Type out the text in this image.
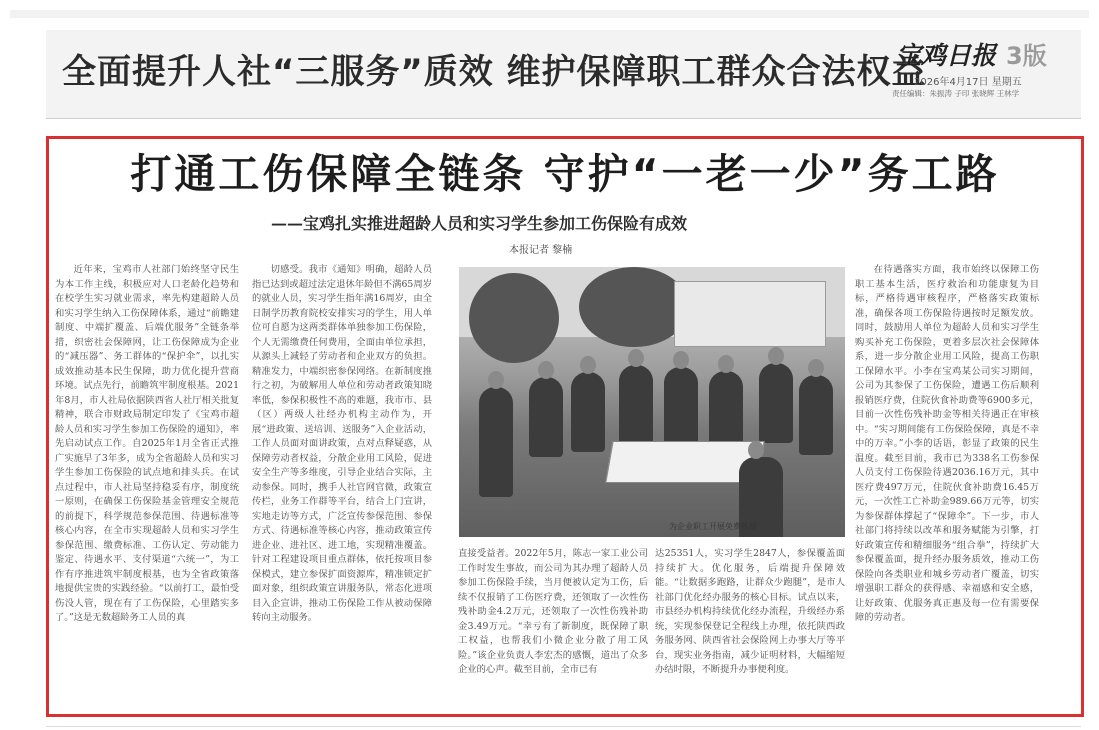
全面提升人社“三服务”质效 维护保障职工群众合法权益
宝鸡日报 3版
2026年4月17日 星期五
责任编辑：朱振涛 子印 张晓辉 王林学
打通工伤保障全链条 守护“一老一少”务工路
——宝鸡扎实推进超龄人员和实习学生参加工伤保险有成效
本报记者 黎楠

近年来，宝鸡市人社部门始终坚守民生为本工作主线，积极应对人口老龄化趋势和在校学生实习就业需求，率先构建超龄人员和实习学生纳入工伤保障体系，通过“前瞻建制度、中端扩覆盖、后端优服务”全链条举措，织密社会保障网，让工伤保障成为企业的“减压器”、务工群体的“保护伞”，以扎实成效推动基本民生保障，助力优化提升营商环境。试点先行，前瞻筑牢制度根基。2021年8月，市人社局依据陕西省人社厅相关批复精神，联合市财政局制定印发了《宝鸡市超龄人员和实习学生参加工伤保险的通知》，率先启动试点工作。自2025年1月全省正式推广实施早了3年多，成为全省超龄人员和实习学生参加工伤保险的试点地和排头兵。在试点过程中，市人社局坚持稳妥有序，制度统一原则，在确保工伤保险基金管理安全规范的前提下，科学规范参保范围、待遇标准等核心内容，在全市实现超龄人员和实习学生参保范围、缴费标准、工伤认定、劳动能力鉴定、待遇水平、支付渠道“六统一”，为工作有序推进筑牢制度根基，也为全省政策落地提供宝贵的实践经验。“以前打工，最怕受伤没人管，现在有了工伤保险，心里踏实多了。”这是无数超龄务工人员的真

切感受。我市《通知》明确，超龄人员指已达到或超过法定退休年龄但不满65周岁的就业人员，实习学生指年满16周岁，由全日制学历教育院校安排实习的学生，用人单位可自愿为这两类群体单独参加工伤保险，个人无需缴费任何费用，全面由单位承担，从源头上减轻了劳动者和企业双方的负担。精准发力，中端织密参保网络。在新制度推行之初，为破解用人单位和劳动者政策知晓率低，参保积极性不高的难题，我市市、县（区）两级人社经办机构主动作为，开展“进政策、送培训、送服务”入企业活动，工作人员面对面讲政策，点对点释疑惑，从保障劳动者权益，分散企业用工风险，促进安全生产等多维度，引导企业结合实际，主动参保。同时，携手人社官网官微，政策宣传栏，业务工作群等平台，结合上门宣讲，实地走访等方式，广泛宣传参保范围、参保方式、待遇标准等核心内容，推动政策宣传进企业、进社区、进工地，实现精准覆盖。针对工程建设项目重点群体，依托按项目参保模式，建立参保扩面资源库，精准锁定扩面对象，组织政策宣讲服务队，常态化进项目入企宣讲，推动工伤保险工作从被动保障转向主动服务。

为企业职工开展免费体检

直接受益者。2022年5月，陈志一家工业公司工作时发生事故，而公司为其办理了超龄人员参加工伤保险手续，当月便被认定为工伤，后续不仅报销了工伤医疗费，还领取了一次性伤残补助金4.2万元，还领取了一次性伤残补助金3.49万元。“幸亏有了新制度，既保障了职工权益，也帮我们小微企业分散了用工风险。”该企业负责人李宏杰的感慨，道出了众多企业的心声。截至目前，全市已有

达25351人，实习学生2847人，参保覆盖面持续扩大。优化服务，后端提升保障效能。“让数据多跑路，让群众少跑腿”，是市人社部门优化经办服务的核心目标。试点以来，市县经办机构持续优化经办流程，升级经办系统，实现参保登记全程线上办理，依托陕西政务服务网、陕西省社会保险网上办事大厅等平台，现实业务指南，减少证明材料，大幅缩短办结时限，不断提升办事便利度。

在待遇落实方面，我市始终以保障工伤职工基本生活，医疗救治和功能康复为目标，严格待遇审核程序，严格落实政策标准，确保各项工伤保险待遇按时足额发放。同时，鼓励用人单位为超龄人员和实习学生购买补充工伤保险，更着多层次社会保障体系，进一步分散企业用工风险，提高工伤职工保障水平。小李在宝鸡某公司实习期间，公司为其参保了工伤保险，遭遇工伤后顺利报销医疗费，住院伙食补助费等6900多元，目前一次性伤残补助金等相关待遇正在审核中。“实习期间能有工伤保险保障，真是不幸中的万幸。”小李的话语，彰显了政策的民生温度。截至目前，我市已为338名工伤参保人员支付工伤保险待遇2036.16万元，其中医疗费497万元，住院伙食补助费16.45万元，一次性工亡补助金989.66万元等，切实为参保群体撑起了“保障伞”。下一步，市人社部门将持续以改革和服务赋能为引擎，打好政策宣传和精细服务“组合拳”，持续扩大参保覆盖面，提升经办服务质效，推动工伤保险向各类职业和城乡劳动者广覆盖，切实增强职工群众的获得感、幸福感和安全感，让好政策、优服务真正惠及每一位有需要保障的劳动者。
